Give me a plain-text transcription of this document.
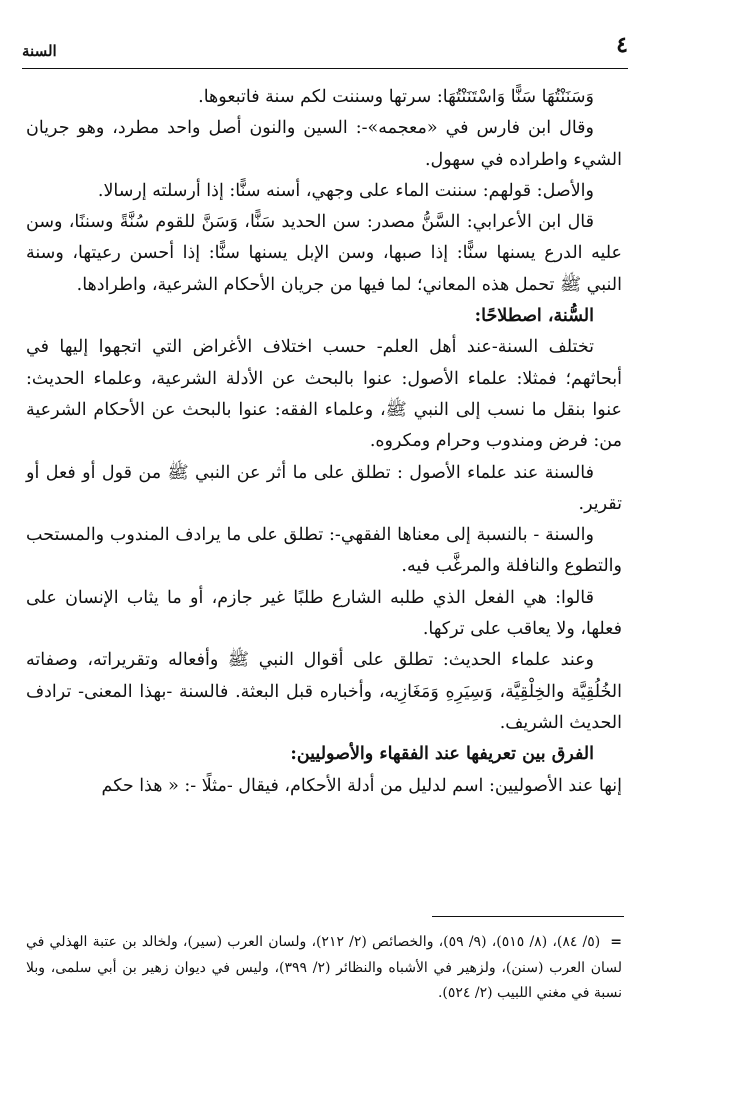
٤
السنة

وَسَنَنْتُهَا سَنًّا وَاسْتَنَنْتُهَا: سرتها وسننت لكم سنة فاتبعوها.

وقال ابن فارس في «معجمه»-: السين والنون أصل واحد مطرد، وهو جريان الشيء واطراده في سهول.

والأصل: قولهم: سننت الماء على وجهي، أسنه سنًّا: إذا أرسلته إرسالا.

قال ابن الأعرابي: السَّنُّ مصدر: سن الحديد سَنًّا، وَسَنَّ للقوم سُنَّةً وسننًا، وسن عليه الدرع يسنها سنًّا: إذا صبها، وسن الإبل يسنها سنًّا: إذا أحسن رعيتها، وسنة النبي ﷺ تحمل هذه المعاني؛ لما فيها من جريان الأحكام الشرعية، واطرادها.

السُّنة، اصطلاحًا:

تختلف السنة-عند أهل العلم- حسب اختلاف الأغراض التي اتجهوا إليها في أبحاثهم؛ فمثلا: علماء الأصول: عنوا بالبحث عن الأدلة الشرعية، وعلماء الحديث: عنوا بنقل ما نسب إلى النبي ﷺ، وعلماء الفقه: عنوا بالبحث عن الأحكام الشرعية من: فرض ومندوب وحرام ومكروه.

فالسنة عند علماء الأصول : تطلق على ما أثر عن النبي ﷺ من قول أو فعل أو تقرير.

والسنة - بالنسبة إلى معناها الفقهي-: تطلق على ما يرادف المندوب والمستحب والتطوع والنافلة والمرغَّب فيه.

قالوا: هي الفعل الذي طلبه الشارع طلبًا غير جازم، أو ما يثاب الإنسان على فعلها، ولا يعاقب على تركها.

وعند علماء الحديث: تطلق على أقوال النبي ﷺ وأفعاله وتقريراته، وصفاته الخُلُقِيَّة والخِلْقِيَّة، وَسِيَرِهِ وَمَغَازِيه، وأخباره قبل البعثة. فالسنة -بهذا المعنى- ترادف الحديث الشريف.

الفرق بين تعريفها عند الفقهاء والأصوليين:

إنها عند الأصوليين: اسم لدليل من أدلة الأحكام، فيقال -مثلًا -: « هذا حكم

=(٥/ ٨٤)، (٨/ ٥١٥)، (٩/ ٥٩)، والخصائص (٢/ ٢١٢)، ولسان العرب (سير)، ولخالد بن عتبة الهذلي في لسان العرب (سنن)، ولزهير في الأشباه والنظائر (٢/ ٣٩٩)، وليس في ديوان زهير بن أبي سلمى، وبلا نسبة في مغني اللبيب (٢/ ٥٢٤).
